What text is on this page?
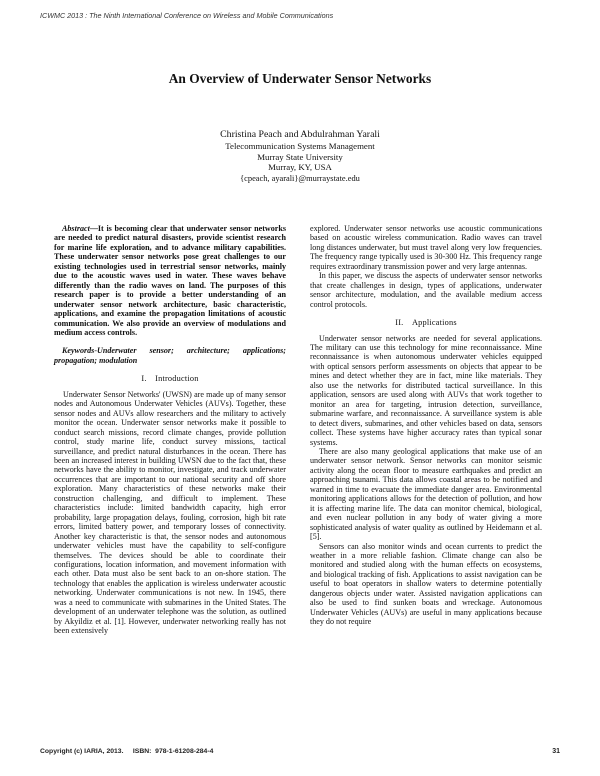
ICWMC 2013 : The Ninth International Conference on Wireless and Mobile Communications
An Overview of Underwater Sensor Networks
Christina Peach and Abdulrahman Yarali
Telecommunication Systems Management
Murray State University
Murray, KY, USA
{cpeach, ayarali}@murraystate.edu

Abstract—It is becoming clear that underwater sensor networks are needed to predict natural disasters, provide scientist research for marine life exploration, and to advance military capabilities. These underwater sensor networks pose great challenges to our existing technologies used in terrestrial sensor networks, mainly due to the acoustic waves used in water. These waves behave differently than the radio waves on land. The purposes of this research paper is to provide a better understanding of an underwater sensor network architecture, basic characteristic, applications, and examine the propagation limitations of acoustic communication. We also provide an overview of modulations and medium access controls.

Keywords-Underwater sensor; architecture; applications; propagation; modulation

I. Introduction

Underwater Sensor Networks' (UWSN) are made up of many sensor nodes and Autonomous Underwater Vehicles (AUVs). Together, these sensor nodes and AUVs allow researchers and the military to actively monitor the ocean. Underwater sensor networks make it possible to conduct search missions, record climate changes, provide pollution control, study marine life, conduct survey missions, tactical surveillance, and predict natural disturbances in the ocean. There has been an increased interest in building UWSN due to the fact that, these networks have the ability to monitor, investigate, and track underwater occurrences that are important to our national security and off shore exploration. Many characteristics of these networks make their construction challenging, and difficult to implement. These characteristics include: limited bandwidth capacity, high error probability, large propagation delays, fouling, corrosion, high bit rate errors, limited battery power, and temporary losses of connectivity. Another key characteristic is that, the sensor nodes and autonomous underwater vehicles must have the capability to self-configure themselves. The devices should be able to coordinate their configurations, location information, and movement information with each other. Data must also be sent back to an on-shore station. The technology that enables the application is wireless underwater acoustic networking. Underwater communications is not new. In 1945, there was a need to communicate with submarines in the United States. The development of an underwater telephone was the solution, as outlined by Akyildiz et al. [1]. However, underwater networking really has not been extensively

explored. Underwater sensor networks use acoustic communications based on acoustic wireless communication. Radio waves can travel long distances underwater, but must travel along very low frequencies. The frequency range typically used is 30-300 Hz. This frequency range requires extraordinary transmission power and very large antennas.

In this paper, we discuss the aspects of underwater sensor networks that create challenges in design, types of applications, underwater sensor architecture, modulation, and the available medium access control protocols.

II. Applications

Underwater sensor networks are needed for several applications. The military can use this technology for mine reconnaissance. Mine reconnaissance is when autonomous underwater vehicles equipped with optical sensors perform assessments on objects that appear to be mines and detect whether they are in fact, mine like materials. They also use the networks for distributed tactical surveillance. In this application, sensors are used along with AUVs that work together to monitor an area for targeting, intrusion detection, surveillance, submarine warfare, and reconnaissance. A surveillance system is able to detect divers, submarines, and other vehicles based on data, sensors collect. These systems have higher accuracy rates than typical sonar systems.

There are also many geological applications that make use of an underwater sensor network. Sensor networks can monitor seismic activity along the ocean floor to measure earthquakes and predict an approaching tsunami. This data allows coastal areas to be notified and warned in time to evacuate the immediate danger area. Environmental monitoring applications allows for the detection of pollution, and how it is affecting marine life. The data can monitor chemical, biological, and even nuclear pollution in any body of water giving a more sophisticated analysis of water quality as outlined by Heidemann et al. [5].

Sensors can also monitor winds and ocean currents to predict the weather in a more reliable fashion. Climate change can also be monitored and studied along with the human effects on ecosystems, and biological tracking of fish. Applications to assist navigation can be useful to boat operators in shallow waters to determine potentially dangerous objects under water. Assisted navigation applications can also be used to find sunken boats and wreckage. Autonomous Underwater Vehicles (AUVs) are useful in many applications because they do not require

Copyright (c) IARIA, 2013.     ISBN:  978-1-61208-284-4	31
